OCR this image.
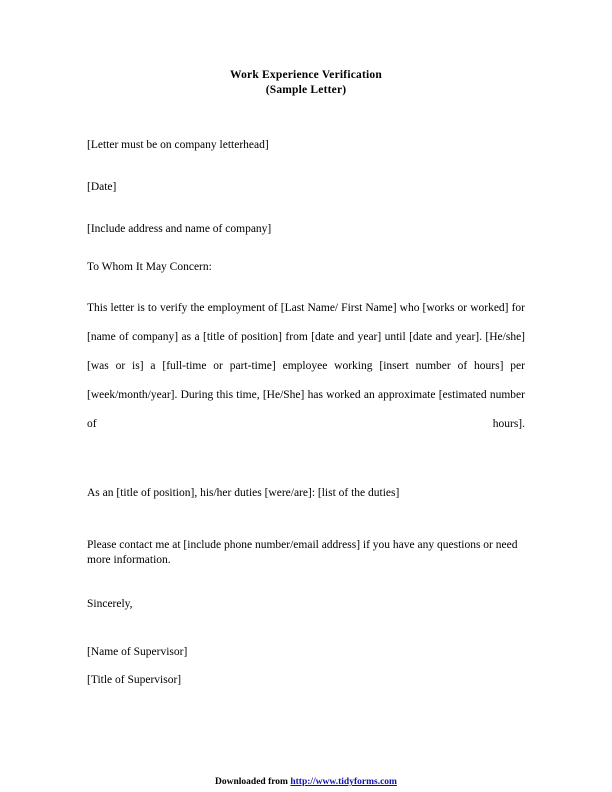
Work Experience Verification
(Sample Letter)

[Letter must be on company letterhead]

[Date]

[Include address and name of company]

To Whom It May Concern:

This letter is to verify the employment of [Last Name/ First Name] who [works or worked] for [name of company] as a [title of position] from [date and year] until [date and year]. [He/she] [was or is] a [full-time or part-time] employee working [insert number of hours] per [week/month/year]. During this time, [He/She] has worked an approximate [estimated number of hours].

As an [title of position], his/her duties [were/are]: [list of the duties]

Please contact me at [include phone number/email address] if you have any questions or need more information.

Sincerely,

[Name of Supervisor]

[Title of Supervisor]

Downloaded from http://www.tidyforms.com
